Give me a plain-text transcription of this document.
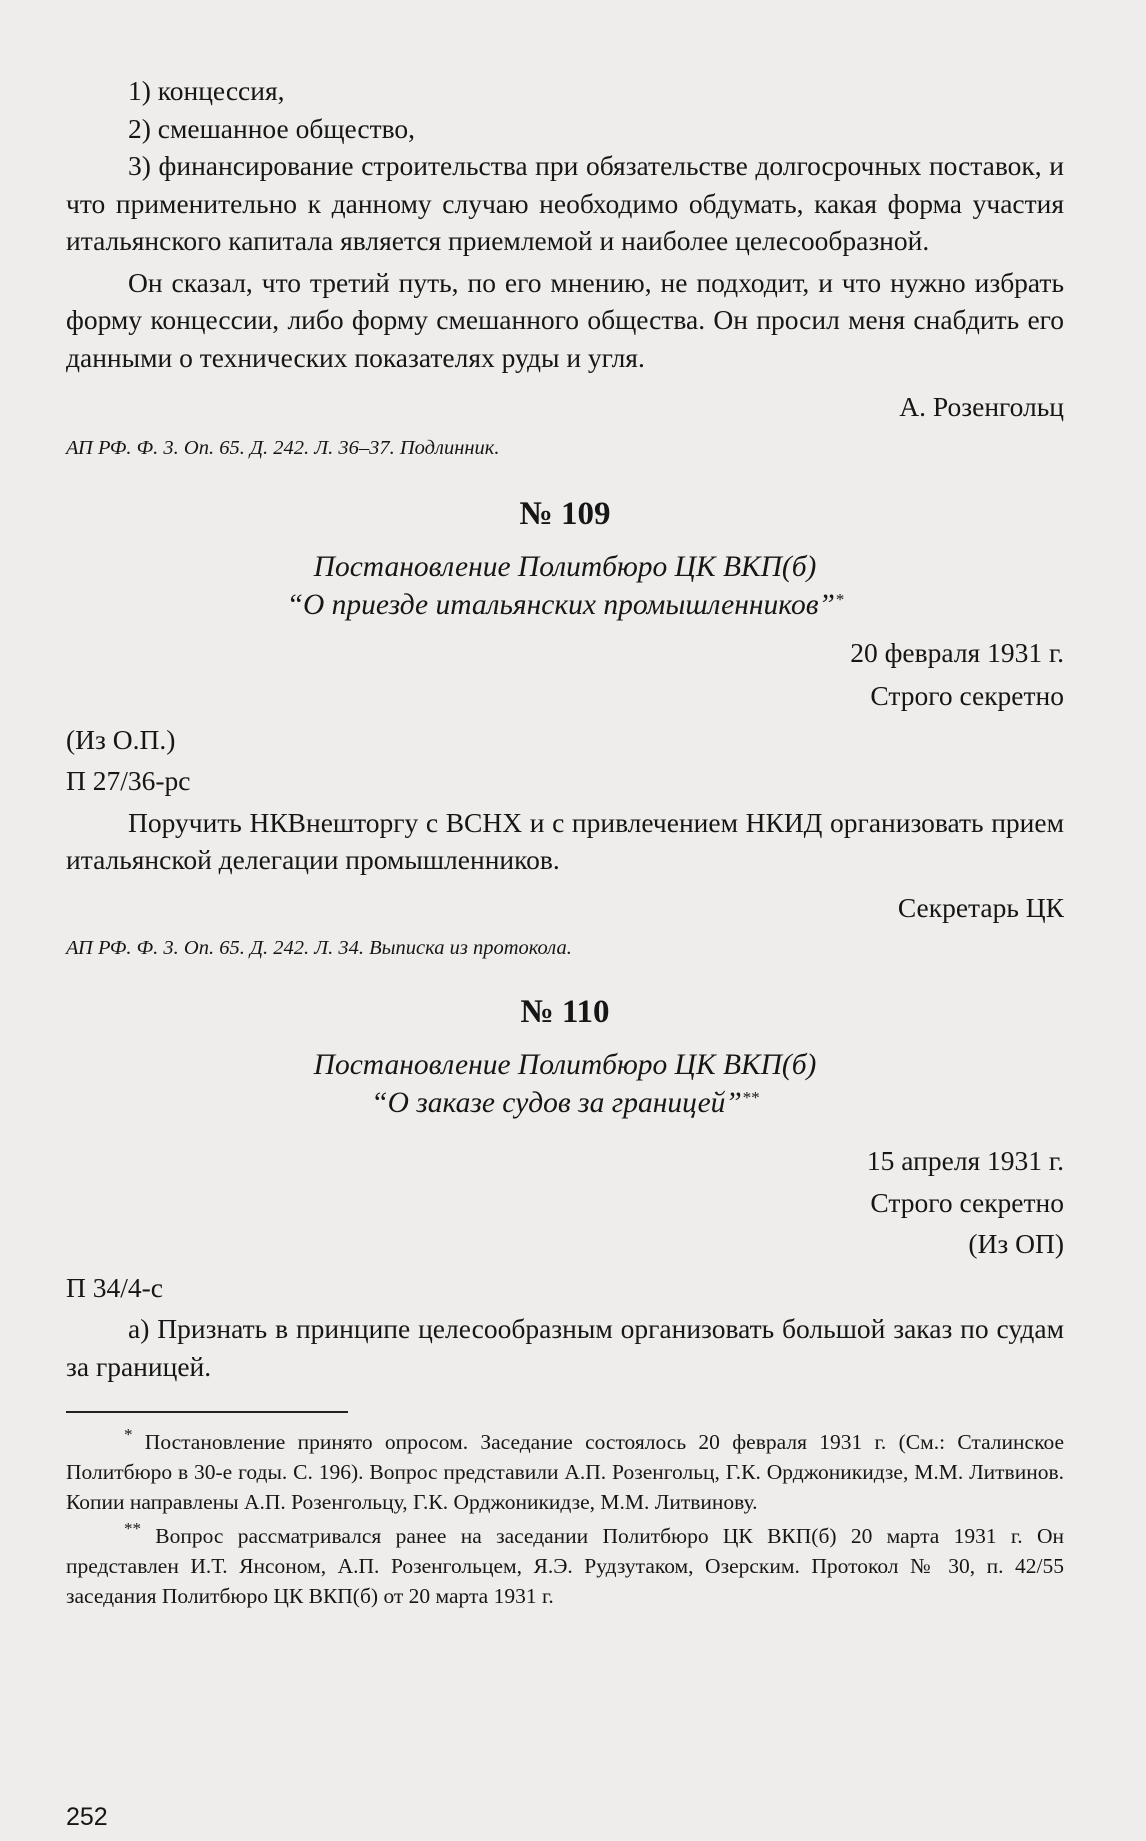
1) концессия,

2) смешанное общество,

3) финансирование строительства при обязательстве долгосрочных поставок, и что применительно к данному случаю необходимо обдумать, какая форма участия итальянского капитала является приемлемой и наиболее целесообразной.

Он сказал, что третий путь, по его мнению, не подходит, и что нужно избрать форму концессии, либо форму смешанного общества. Он просил меня снабдить его данными о технических показателях руды и угля.

А. Розенгольц

АП РФ. Ф. 3. Оп. 65. Д. 242. Л. 36–37. Подлинник.

№ 109

Постановление Политбюро ЦК ВКП(б)

“О приезде итальянских промышленников”*

20 февраля 1931 г.

Строго секретно

(Из О.П.)

П 27/36-рс

Поручить НКВнешторгу с ВСНХ и с привлечением НКИД организовать прием итальянской делегации промышленников.

Секретарь ЦК

АП РФ. Ф. 3. Оп. 65. Д. 242. Л. 34. Выписка из протокола.

№ 110

Постановление Политбюро ЦК ВКП(б)

“О заказе судов за границей”**

15 апреля 1931 г.

Строго секретно

(Из ОП)

П 34/4-с

а) Признать в принципе целесообразным организовать большой заказ по судам за границей.

* Постановление принято опросом. Заседание состоялось 20 февраля 1931 г. (См.: Сталинское Политбюро в 30-е годы. С. 196). Вопрос представили А.П. Розенгольц, Г.К. Орджоникидзе, М.М. Литвинов. Копии направлены А.П. Розенгольцу, Г.К. Орджоникидзе, М.М. Литвинову.

** Вопрос рассматривался ранее на заседании Политбюро ЦК ВКП(б) 20 марта 1931 г. Он представлен И.Т. Янсоном, А.П. Розенгольцем, Я.Э. Рудзутаком, Озерским. Протокол № 30, п. 42/55 заседания Политбюро ЦК ВКП(б) от 20 марта 1931 г.

252
